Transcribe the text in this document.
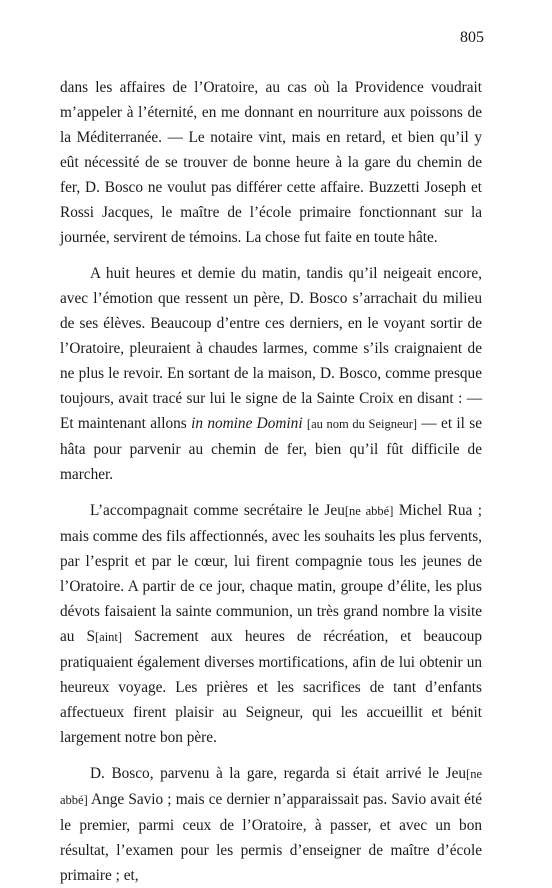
805

dans les affaires de l’Oratoire, au cas où la Providence voudrait m’appeler à l’éternité, en me donnant en nourriture aux poissons de la Méditerranée. — Le notaire vint, mais en retard, et bien qu’il y eût nécessité de se trouver de bonne heure à la gare du chemin de fer, D. Bosco ne voulut pas différer cette affaire. Buzzetti Joseph et Rossi Jacques, le maître de l’école primaire fonctionnant sur la journée, servirent de témoins. La chose fut faite en toute hâte.

A huit heures et demie du matin, tandis qu’il neigeait encore, avec l’émotion que ressent un père, D. Bosco s’arrachait du milieu de ses élèves. Beaucoup d’entre ces derniers, en le voyant sortir de l’Oratoire, pleuraient à chaudes larmes, comme s’ils craignaient de ne plus le revoir. En sortant de la maison, D. Bosco, comme presque toujours, avait tracé sur lui le signe de la Sainte Croix en disant : — Et maintenant allons in nomine Domini [au nom du Seigneur] — et il se hâta pour parvenir au chemin de fer, bien qu’il fût difficile de marcher.

L’accompagnait comme secrétaire le Jeu[ne abbé] Michel Rua ; mais comme des fils affectionnés, avec les souhaits les plus fervents, par l’esprit et par le cœur, lui firent compagnie tous les jeunes de l’Oratoire. A partir de ce jour, chaque matin, groupe d’élite, les plus dévots faisaient la sainte communion, un très grand nombre la visite au S[aint] Sacrement aux heures de récréation, et beaucoup pratiquaient également diverses mortifications, afin de lui obtenir un heureux voyage. Les prières et les sacrifices de tant d’enfants affectueux firent plaisir au Seigneur, qui les accueillit et bénit largement notre bon père.

D. Bosco, parvenu à la gare, regarda si était arrivé le Jeu[ne abbé] Ange Savio ; mais ce dernier n’apparaissait pas. Savio avait été le premier, parmi ceux de l’Oratoire, à passer, et avec un bon résultat, l’examen pour les permis d’enseigner de maître d’école primaire ; et,
